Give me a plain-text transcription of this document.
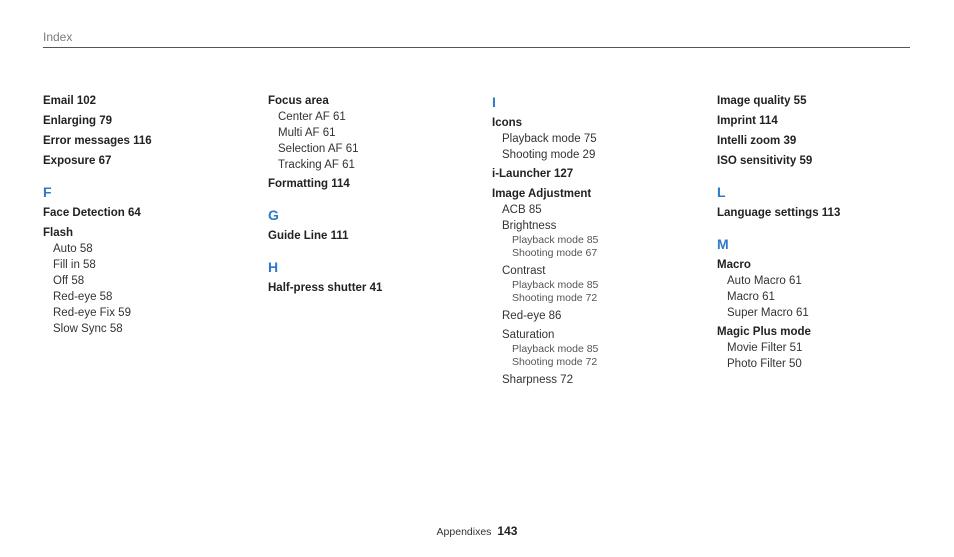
Index
Email 102
Enlarging 79
Error messages 116
Exposure 67
F
Face Detection 64
Flash
Auto 58
Fill in 58
Off 58
Red-eye 58
Red-eye Fix 59
Slow Sync 58
Focus area
Center AF 61
Multi AF 61
Selection AF 61
Tracking AF 61
Formatting 114
G
Guide Line 111
H
Half-press shutter 41
I
Icons
Playback mode 75
Shooting mode 29
i-Launcher 127
Image Adjustment
ACB 85
Brightness
Playback mode 85
Shooting mode 67
Contrast
Playback mode 85
Shooting mode 72
Red-eye 86
Saturation
Playback mode 85
Shooting mode 72
Sharpness 72
Image quality 55
Imprint 114
Intelli zoom 39
ISO sensitivity 59
L
Language settings 113
M
Macro
Auto Macro 61
Macro 61
Super Macro 61
Magic Plus mode
Movie Filter 51
Photo Filter 50
Appendixes 143
